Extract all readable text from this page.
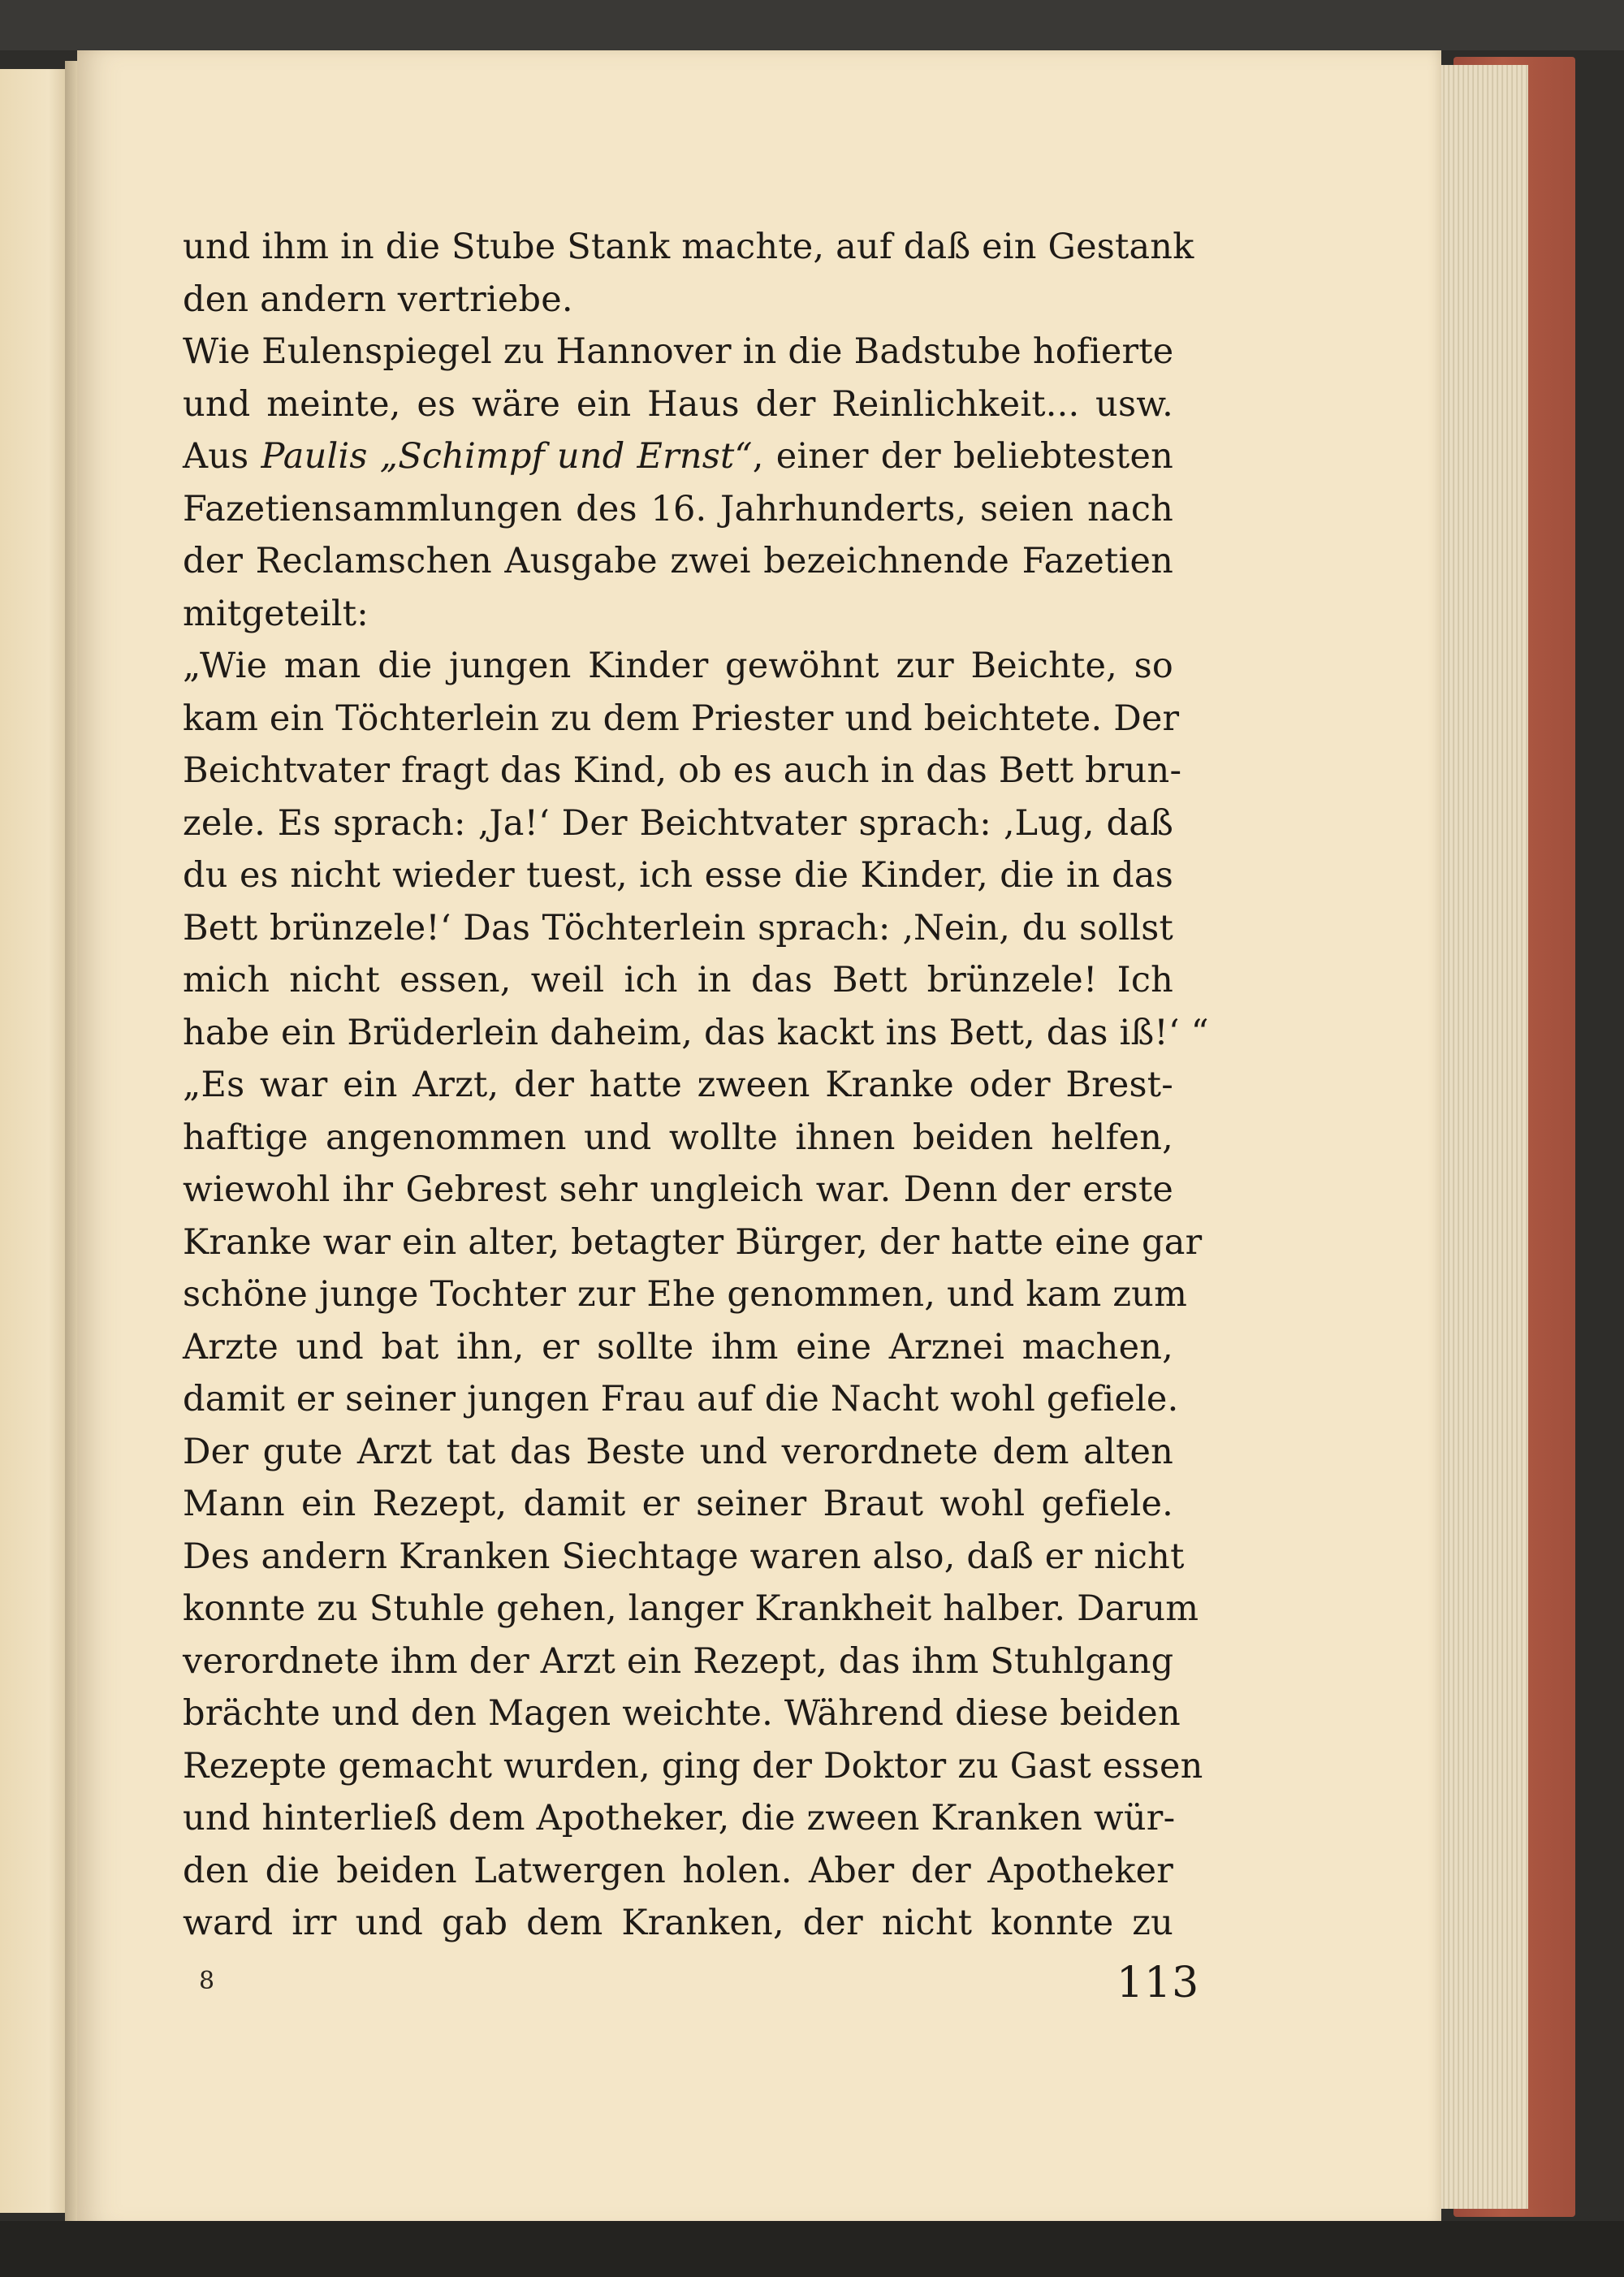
und ihm in die Stube Stank machte, auf daß ein Gestank
den andern vertriebe.
Wie Eulenspiegel zu Hannover in die Badstube hofierte
und meinte, es wäre ein Haus der Reinlichkeit... usw.
Aus Paulis „Schimpf und Ernst“, einer der beliebtesten
Fazetiensammlungen des 16. Jahrhunderts, seien nach
der Reclamschen Ausgabe zwei bezeichnende Fazetien
mitgeteilt:
„Wie man die jungen Kinder gewöhnt zur Beichte, so
kam ein Töchterlein zu dem Priester und beichtete. Der
Beichtvater fragt das Kind, ob es auch in das Bett brun-
zele. Es sprach: ‚Ja!‘ Der Beichtvater sprach: ‚Lug, daß
du es nicht wieder tuest, ich esse die Kinder, die in das
Bett brünzele!‘ Das Töchterlein sprach: ‚Nein, du sollst
mich nicht essen, weil ich in das Bett brünzele! Ich
habe ein Brüderlein daheim, das kackt ins Bett, das iß!‘ “
„Es war ein Arzt, der hatte zween Kranke oder Brest-
haftige angenommen und wollte ihnen beiden helfen,
wiewohl ihr Gebrest sehr ungleich war. Denn der erste
Kranke war ein alter, betagter Bürger, der hatte eine gar
schöne junge Tochter zur Ehe genommen, und kam zum
Arzte und bat ihn, er sollte ihm eine Arznei machen,
damit er seiner jungen Frau auf die Nacht wohl gefiele.
Der gute Arzt tat das Beste und verordnete dem alten
Mann ein Rezept, damit er seiner Braut wohl gefiele.
Des andern Kranken Siechtage waren also, daß er nicht
konnte zu Stuhle gehen, langer Krankheit halber. Darum
verordnete ihm der Arzt ein Rezept, das ihm Stuhlgang
brächte und den Magen weichte. Während diese beiden
Rezepte gemacht wurden, ging der Doktor zu Gast essen
und hinterließ dem Apotheker, die zween Kranken wür-
den die beiden Latwergen holen. Aber der Apotheker
ward irr und gab dem Kranken, der nicht konnte zu
8	113
